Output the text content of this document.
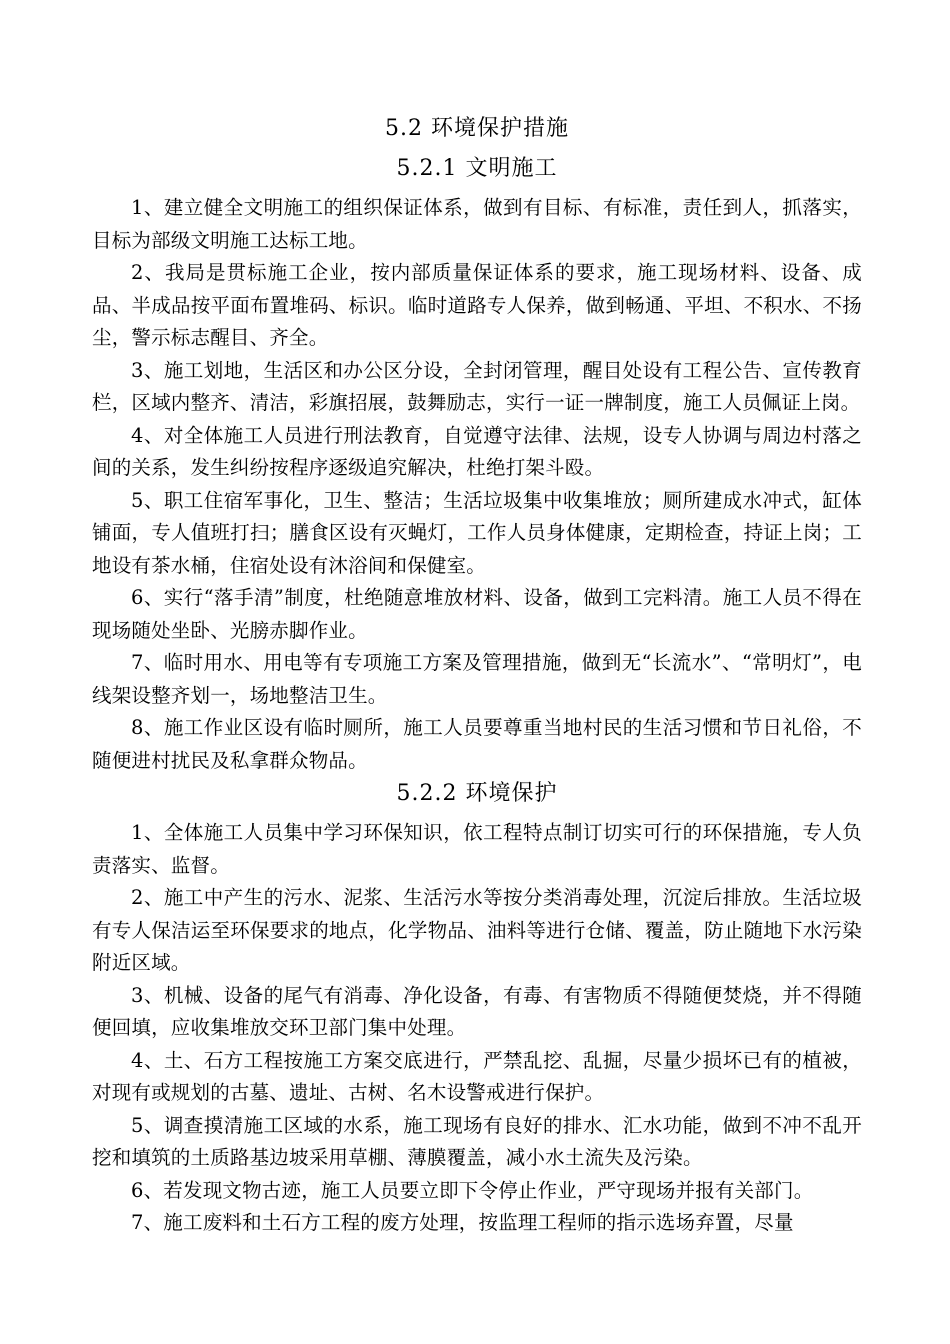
5.2 环境保护措施
5.2.1 文明施工

1、建立健全文明施工的组织保证体系，做到有目标、有标准，责任到人，抓落实，目标为部级文明施工达标工地。

2、我局是贯标施工企业，按内部质量保证体系的要求，施工现场材料、设备、成品、半成品按平面布置堆码、标识。临时道路专人保养，做到畅通、平坦、不积水、不扬尘，警示标志醒目、齐全。

3、施工划地，生活区和办公区分设，全封闭管理，醒目处设有工程公告、宣传教育栏，区域内整齐、清洁，彩旗招展，鼓舞励志，实行一证一牌制度，施工人员佩证上岗。

4、对全体施工人员进行刑法教育，自觉遵守法律、法规，设专人协调与周边村落之间的关系，发生纠纷按程序逐级追究解决，杜绝打架斗殴。

5、职工住宿军事化，卫生、整洁；生活垃圾集中收集堆放；厕所建成水冲式，缸体铺面，专人值班打扫；膳食区设有灭蝇灯，工作人员身体健康，定期检查，持证上岗；工地设有茶水桶，住宿处设有沐浴间和保健室。

6、实行“落手清”制度，杜绝随意堆放材料、设备，做到工完料清。施工人员不得在现场随处坐卧、光膀赤脚作业。

7、临时用水、用电等有专项施工方案及管理措施，做到无“长流水”、“常明灯”，电线架设整齐划一，场地整洁卫生。

8、施工作业区设有临时厕所，施工人员要尊重当地村民的生活习惯和节日礼俗，不随便进村扰民及私拿群众物品。

5.2.2 环境保护

1、全体施工人员集中学习环保知识，依工程特点制订切实可行的环保措施，专人负责落实、监督。

2、施工中产生的污水、泥浆、生活污水等按分类消毒处理，沉淀后排放。生活垃圾有专人保洁运至环保要求的地点，化学物品、油料等进行仓储、覆盖，防止随地下水污染附近区域。

3、机械、设备的尾气有消毒、净化设备，有毒、有害物质不得随便焚烧，并不得随便回填，应收集堆放交环卫部门集中处理。

4、土、石方工程按施工方案交底进行，严禁乱挖、乱掘，尽量少损坏已有的植被，对现有或规划的古墓、遗址、古树、名木设警戒进行保护。

5、调查摸清施工区域的水系，施工现场有良好的排水、汇水功能，做到不冲不乱开挖和填筑的土质路基边坡采用草棚、薄膜覆盖，减小水土流失及污染。

6、若发现文物古迹，施工人员要立即下令停止作业，严守现场并报有关部门。

7、施工废料和土石方工程的废方处理，按监理工程师的指示选场弃置，尽量
